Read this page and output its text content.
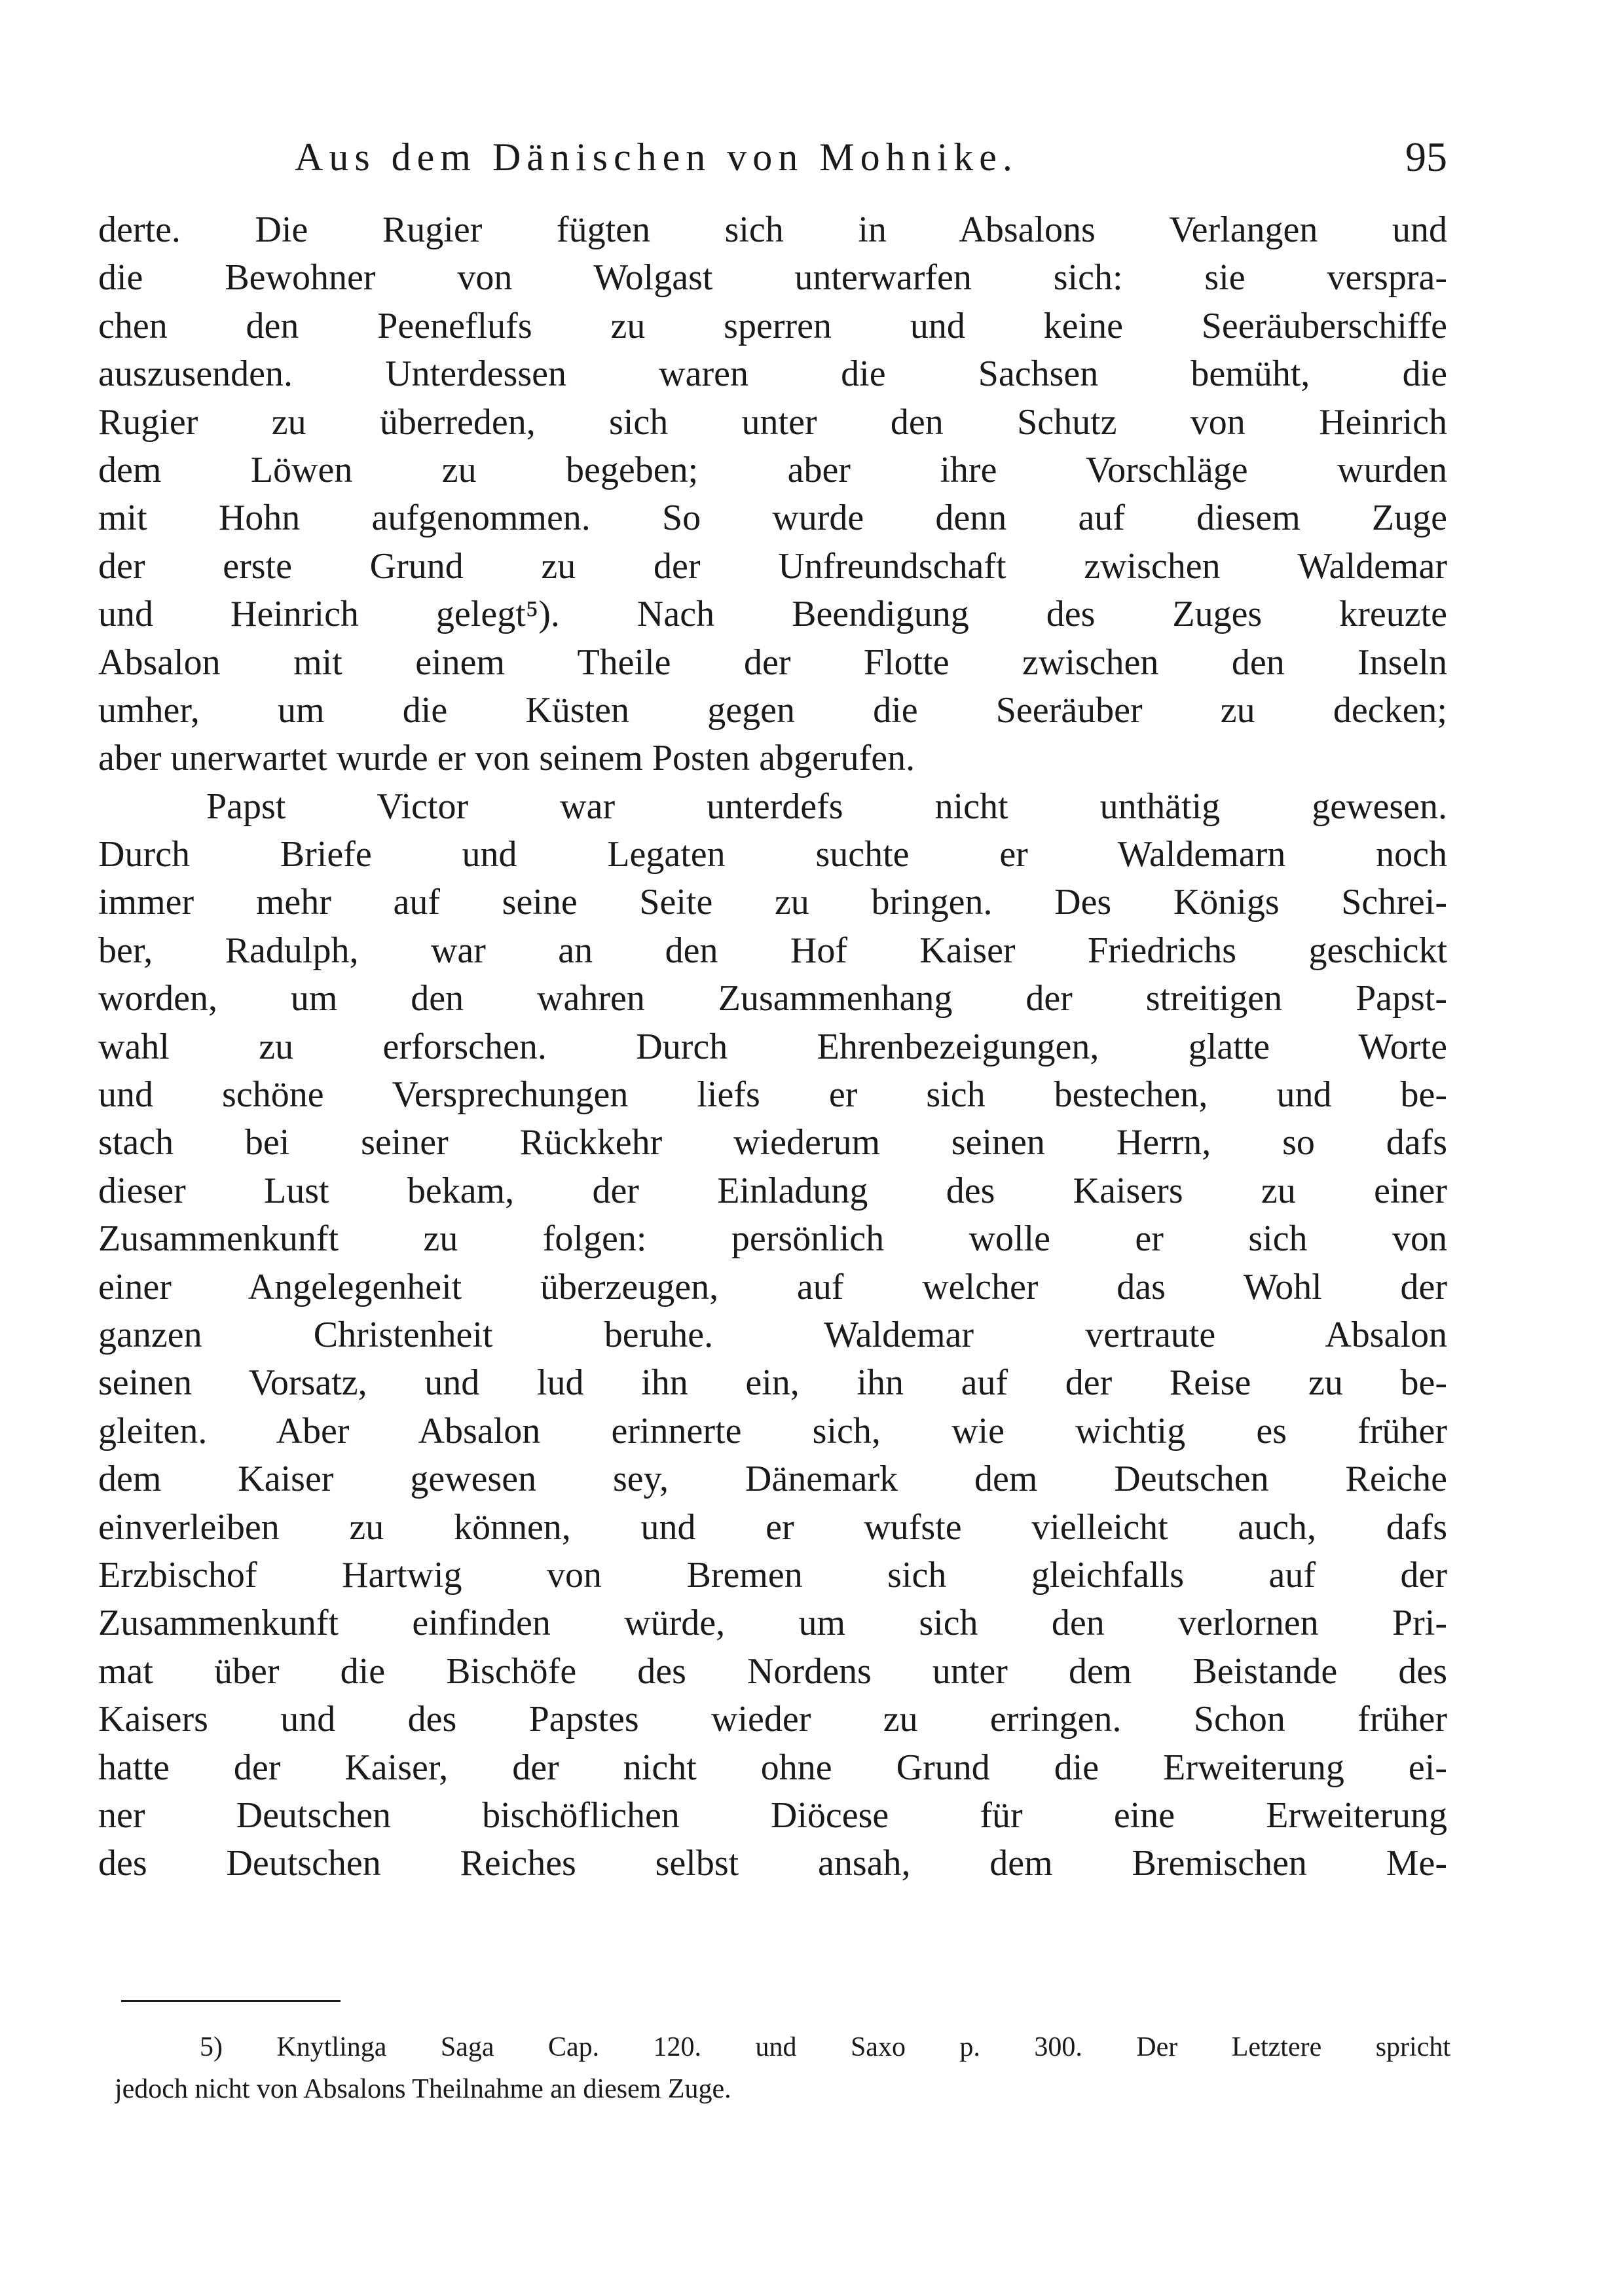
Aus dem Dänischen von Mohnike.	95
derte. Die Rugier fügten sich in Absalons Verlangen und
die Bewohner von Wolgast unterwarfen sich: sie verspra-
chen den Peeneflufs zu sperren und keine Seeräuberschiffe
auszusenden. Unterdessen waren die Sachsen bemüht, die
Rugier zu überreden, sich unter den Schutz von Heinrich
dem Löwen zu begeben; aber ihre Vorschläge wurden
mit Hohn aufgenommen. So wurde denn auf diesem Zuge
der erste Grund zu der Unfreundschaft zwischen Waldemar
und Heinrich gelegt⁵). Nach Beendigung des Zuges kreuzte
Absalon mit einem Theile der Flotte zwischen den Inseln
umher, um die Küsten gegen die Seeräuber zu decken;
aber unerwartet wurde er von seinem Posten abgerufen.
Papst Victor war unterdefs nicht unthätig gewesen.
Durch Briefe und Legaten suchte er Waldemarn noch
immer mehr auf seine Seite zu bringen. Des Königs Schrei-
ber, Radulph, war an den Hof Kaiser Friedrichs geschickt
worden, um den wahren Zusammenhang der streitigen Papst-
wahl zu erforschen. Durch Ehrenbezeigungen, glatte Worte
und schöne Versprechungen liefs er sich bestechen, und be-
stach bei seiner Rückkehr wiederum seinen Herrn, so dafs
dieser Lust bekam, der Einladung des Kaisers zu einer
Zusammenkunft zu folgen: persönlich wolle er sich von
einer Angelegenheit überzeugen, auf welcher das Wohl der
ganzen Christenheit beruhe. Waldemar vertraute Absalon
seinen Vorsatz, und lud ihn ein, ihn auf der Reise zu be-
gleiten. Aber Absalon erinnerte sich, wie wichtig es früher
dem Kaiser gewesen sey, Dänemark dem Deutschen Reiche
einverleiben zu können, und er wufste vielleicht auch, dafs
Erzbischof Hartwig von Bremen sich gleichfalls auf der
Zusammenkunft einfinden würde, um sich den verlornen Pri-
mat über die Bischöfe des Nordens unter dem Beistande des
Kaisers und des Papstes wieder zu erringen. Schon früher
hatte der Kaiser, der nicht ohne Grund die Erweiterung ei-
ner Deutschen bischöflichen Diöcese für eine Erweiterung
des Deutschen Reiches selbst ansah, dem Bremischen Me-
5) Knytlinga Saga Cap. 120. und Saxo p. 300. Der Letztere spricht
jedoch nicht von Absalons Theilnahme an diesem Zuge.
